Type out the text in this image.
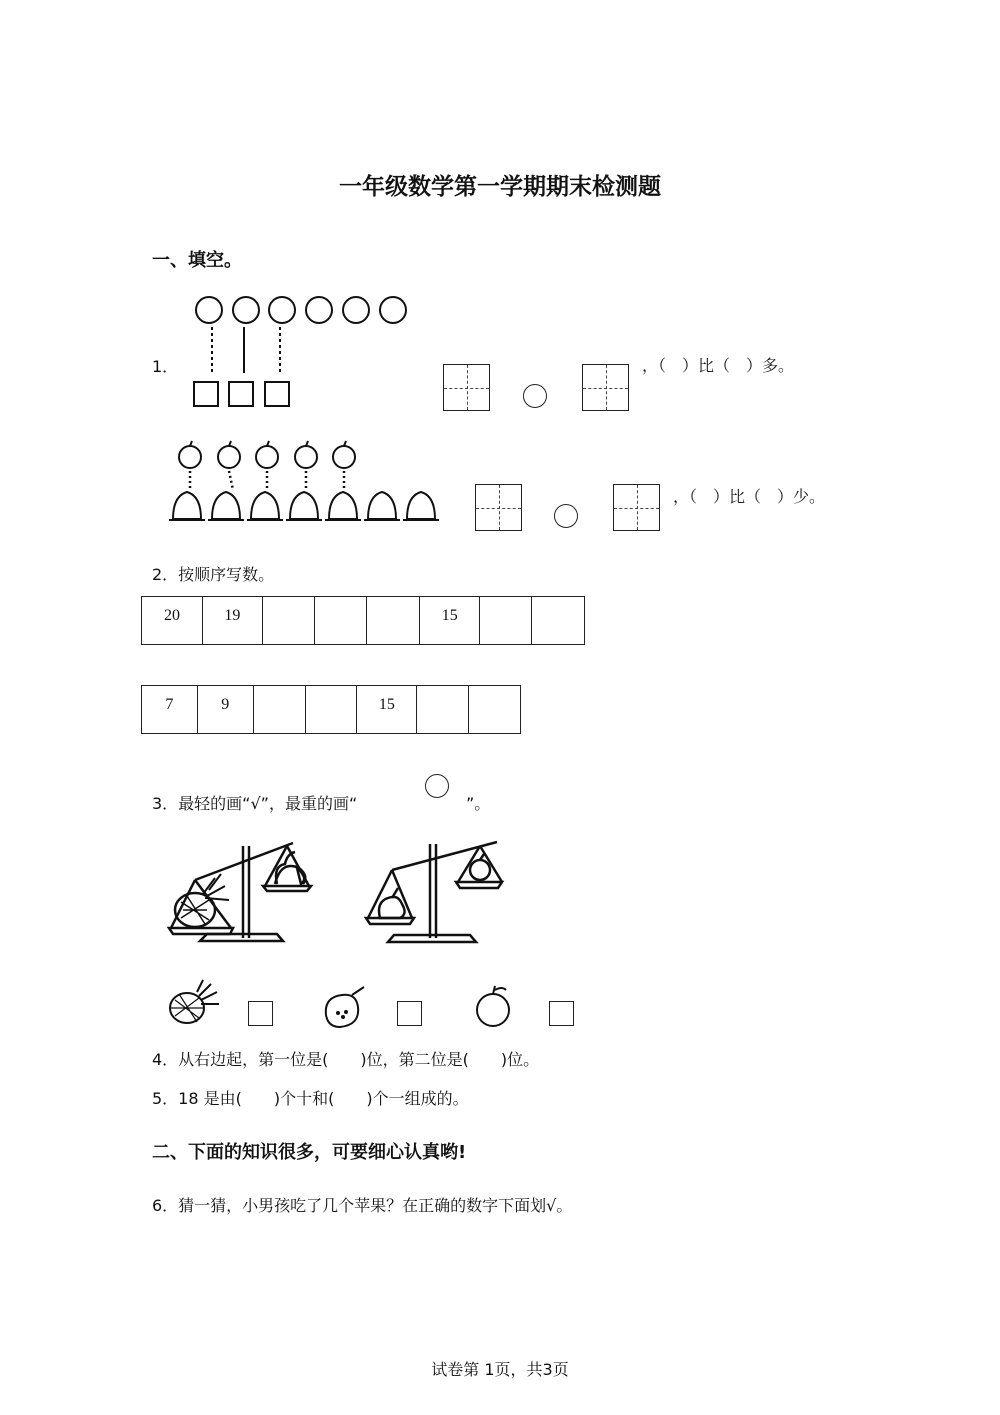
一年级数学第一学期期末检测题
一、填空。
1．	，（　）比（　）多。
，（　）比（　）少。
2．按顺序写数。
20	19				15		
7	9			15		
3．最轻的画“√”，最重的画“	”。
4．从右边起，第一位是(　　)位，第二位是(　　)位。
5．18 是由(　　)个十和(　　)个一组成的。
二、下面的知识很多，可要细心认真哟!
6．猜一猜，小男孩吃了几个苹果？在正确的数字下面划√。
试卷第 1页，共3页
